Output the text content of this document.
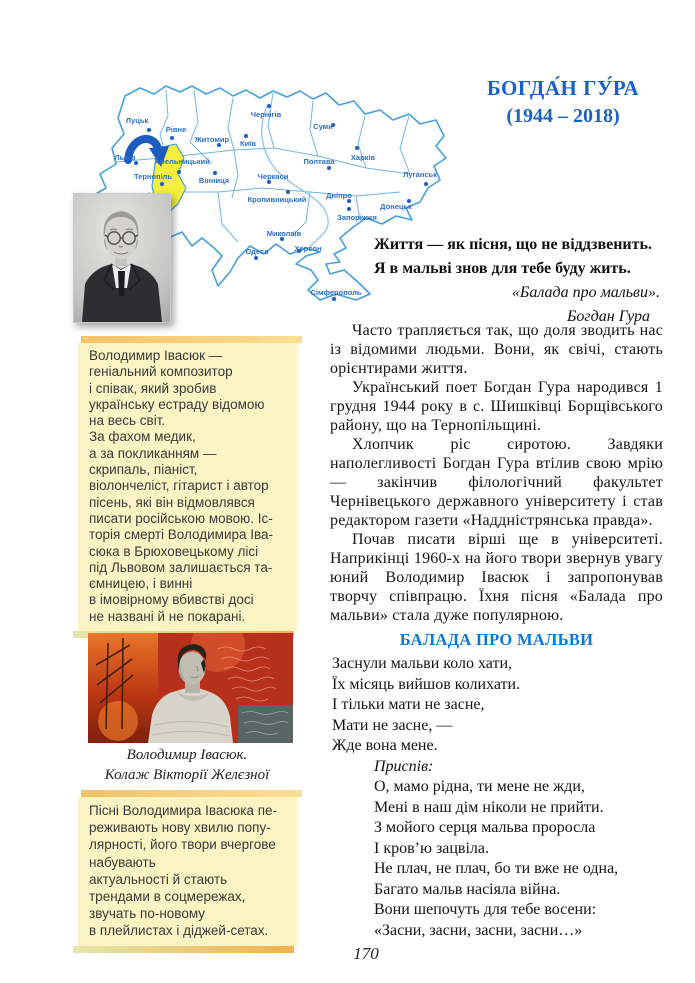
Луцьк
Рівне
Житомир
Чернігів
Суми
Київ
Харків
Полтава
Львів Хмельницький
Тернопіль	Вінниця	Черкаси
Кропивницький	Дніпро
Запоріжжя
Донецьк
Луганськ
Миколаїв
Одеса	Херсон
Сімферополь
БОГДА́Н ГУ́РА
(1944 – 2018)
Життя — як пісня, що не віддзвенить.
Я в мальві знов для тебе буду жить.
«Балада про мальви».
Богдан Гура

Часто трапляється так, що доля зводить нас із відомими людьми. Вони, як свічі, стають орієнтирами життя.

Український поет Богдан Гура народився 1 грудня 1944 року в с. Шишківці Борщівського району, що на Тернопільщині.

Хлопчик ріс сиротою. Завдяки наполегливості Богдан Гура втілив свою мрію — закінчив філологічний факультет Чернівецького державного університету і став редактором газети «Наддністрянська правда».

Почав писати вірші ще в університеті. Наприкінці 1960-х на його твори звернув увагу юний Володимир Івасюк і запропонував творчу співпрацю. Їхня пісня «Балада про мальви» стала дуже популярною.

БАЛАДА ПРО МАЛЬВИ
Заснули мальви коло хати,
Їх місяць вийшов колихати.
І тільки мати не засне,
Мати не засне, —
Жде вона мене.
Приспів:
О, мамо рідна, ти мене не жди,
Мені в наш дім ніколи не прийти.
З мойого серця мальва проросла
І кров’ю зацвіла.
Не плач, не плач, бо ти вже не одна,
Багато мальв насіяла війна.
Вони шепочуть для тебе восени:
«Засни, засни, засни, засни…»
Володимир Івасюк —
геніальний композитор
і співак, який зробив
українську естраду відомою
на весь світ.
За фахом медик,
а за покликанням —
скрипаль, піаніст,
віолончеліст, гітарист і автор
пісень, які він відмовлявся
писати російською мовою. Іс-
торія смерті Володимира Іва-
сюка в Брюховецькому лісі
під Львовом залишається та-
ємницею, і винні
в імовірному вбивстві досі
не названі й не покарані.
Володимир Івасюк.
Колаж Вікторії Желєзної
Пісні Володимира Івасюка пе-
реживають нову хвилю попу-
лярності, його твори вчергове
набувають
актуальності й стають
трендами в соцмережах,
звучать по-новому
в плейлистах і діджей-сетах.
170
